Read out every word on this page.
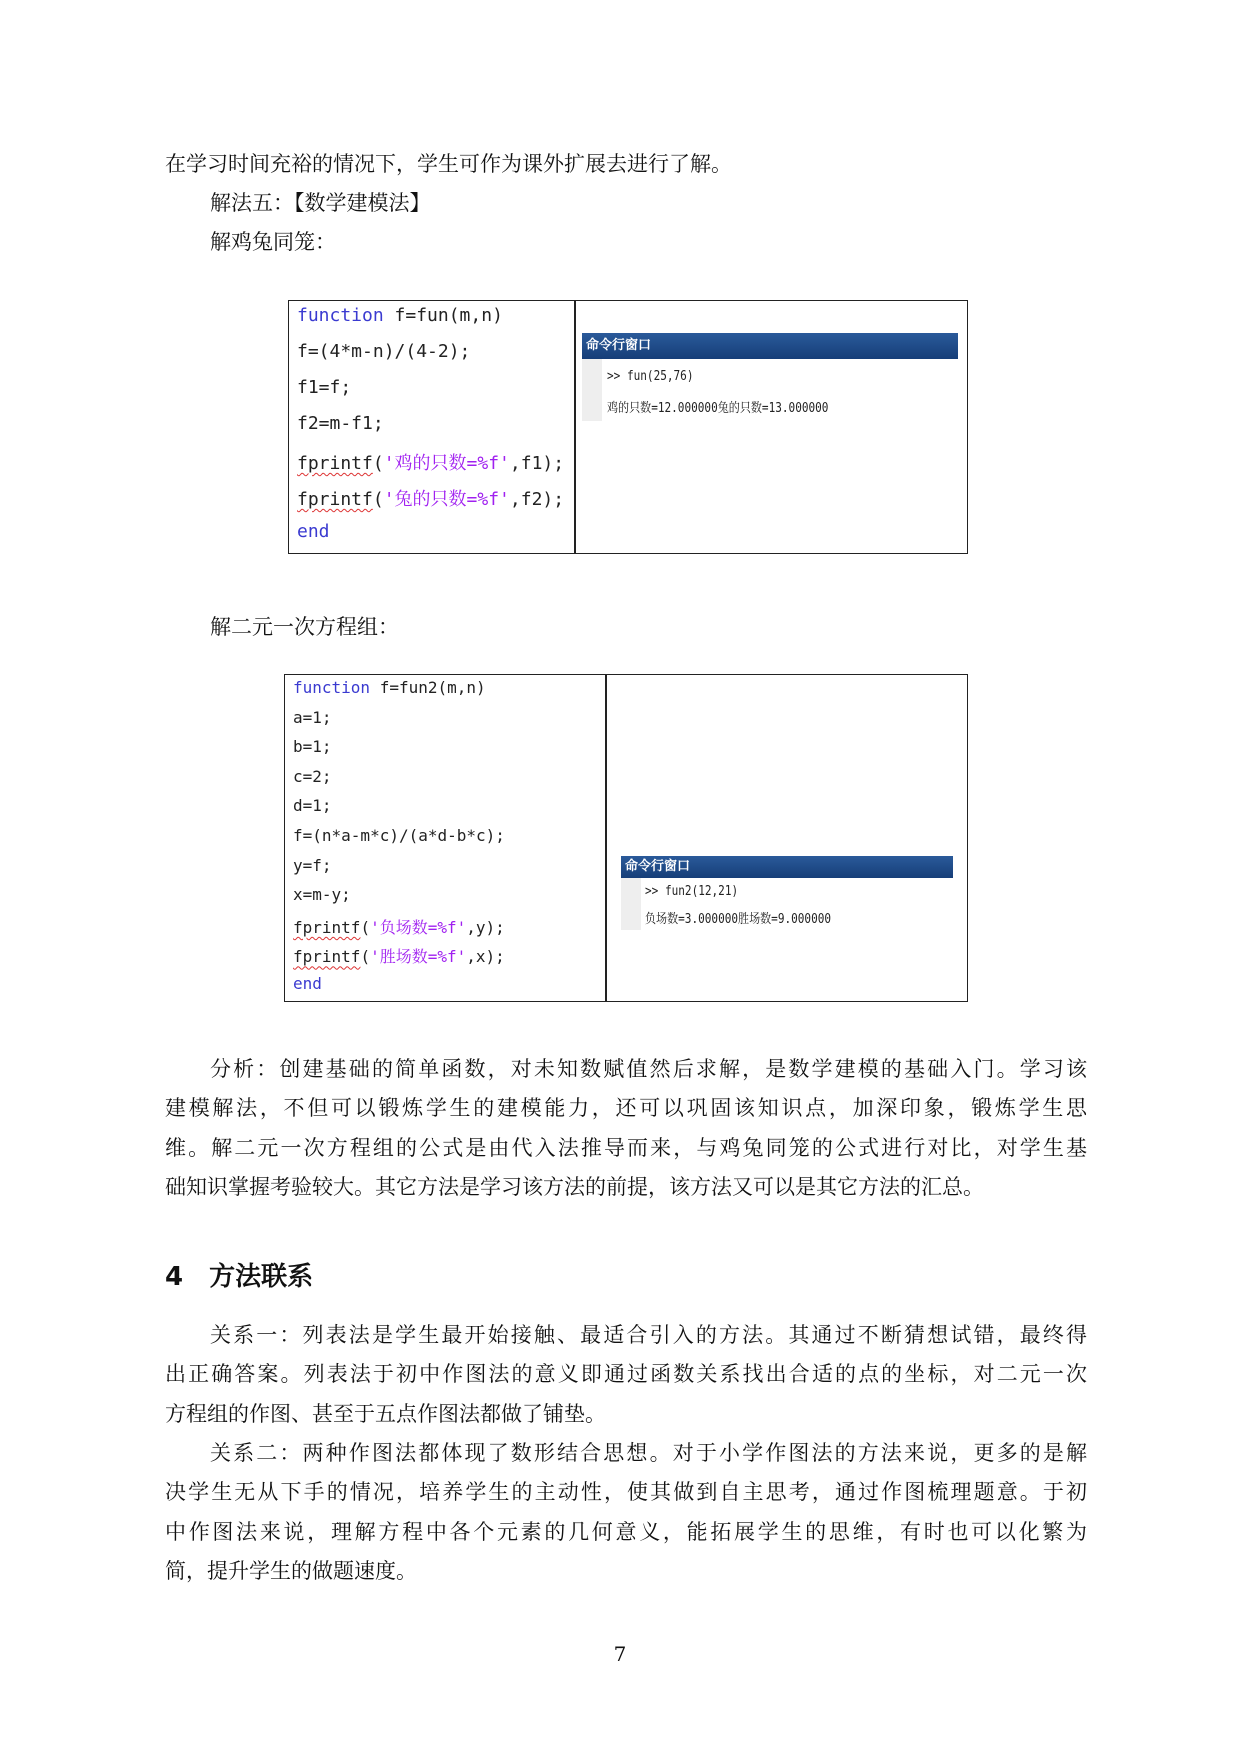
在学习时间充裕的情况下，学生可作为课外扩展去进行了解。
解法五：【数学建模法】
解鸡兔同笼：
function f=fun(m,n)
f=(4*m-n)/(4-2);
f1=f;
f2=m-f1;
fprintf('鸡的只数=%f',f1);
fprintf('兔的只数=%f',f2);
end
命令行窗口
>> fun(25,76)
鸡的只数=12.000000兔的只数=13.000000
解二元一次方程组：
function f=fun2(m,n)
a=1;
b=1;
c=2;
d=1;
f=(n*a-m*c)/(a*d-b*c);
y=f;
x=m-y;
fprintf('负场数=%f',y);
fprintf('胜场数=%f',x);
end
命令行窗口
>> fun2(12,21)
负场数=3.000000胜场数=9.000000
分析：创建基础的简单函数，对未知数赋值然后求解，是数学建模的基础入门。学习该
建模解法，不但可以锻炼学生的建模能力，还可以巩固该知识点，加深印象，锻炼学生思
维。解二元一次方程组的公式是由代入法推导而来，与鸡兔同笼的公式进行对比，对学生基
础知识掌握考验较大。其它方法是学习该方法的前提，该方法又可以是其它方法的汇总。
4 方法联系
关系一：列表法是学生最开始接触、最适合引入的方法。其通过不断猜想试错，最终得
出正确答案。列表法于初中作图法的意义即通过函数关系找出合适的点的坐标，对二元一次
方程组的作图、甚至于五点作图法都做了铺垫。
关系二：两种作图法都体现了数形结合思想。对于小学作图法的方法来说，更多的是解
决学生无从下手的情况，培养学生的主动性，使其做到自主思考，通过作图梳理题意。于初
中作图法来说，理解方程中各个元素的几何意义，能拓展学生的思维，有时也可以化繁为
简，提升学生的做题速度。
7
